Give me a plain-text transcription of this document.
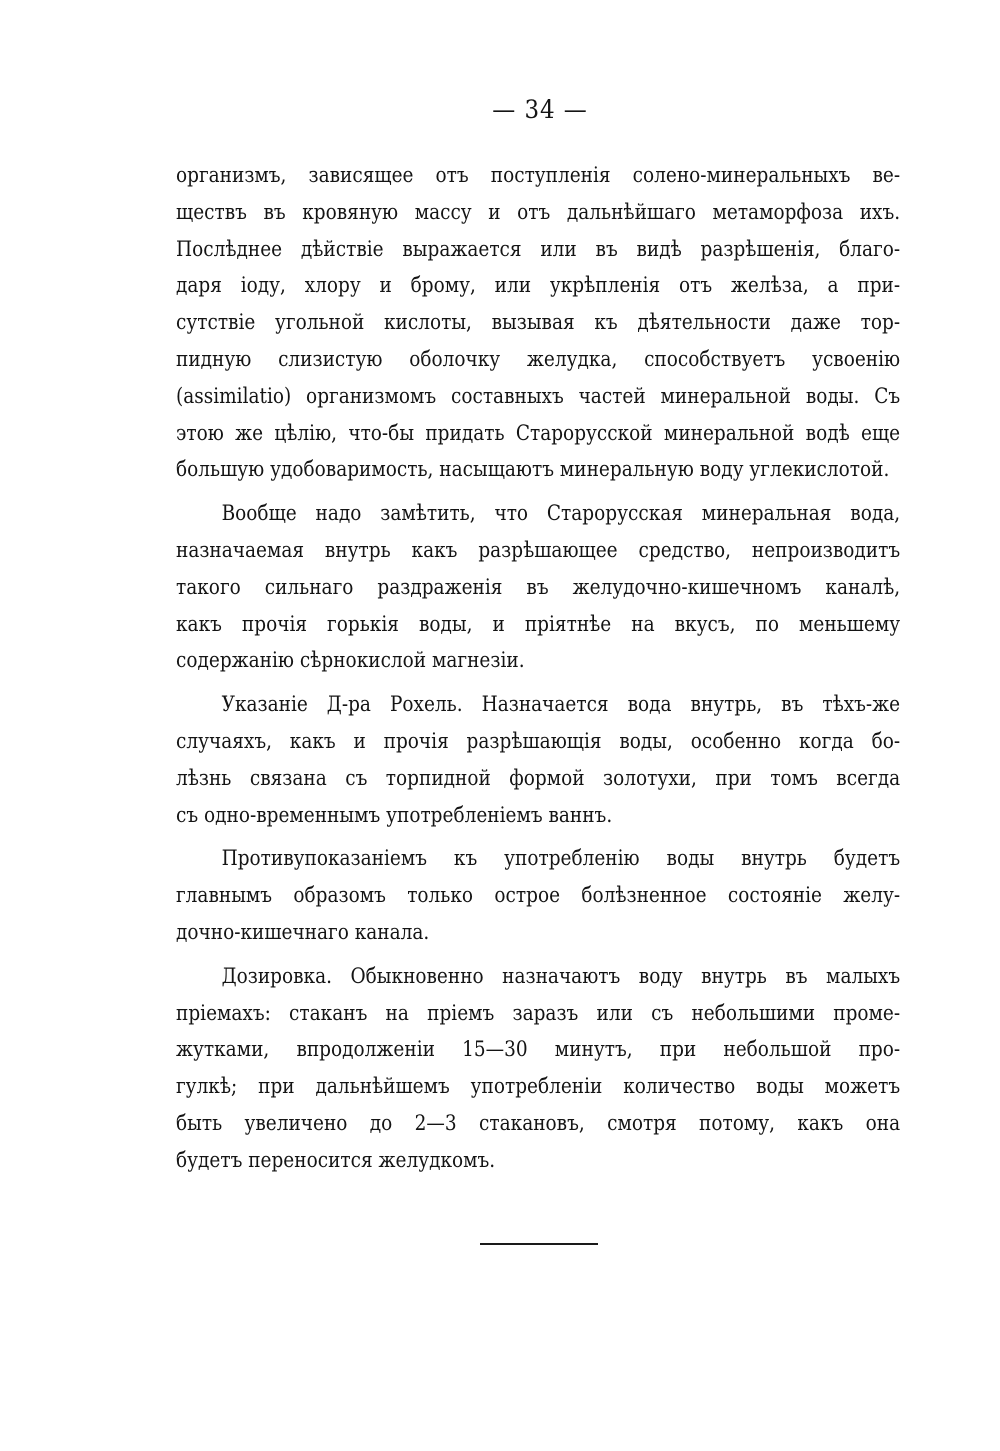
— 34 —
организмъ, зависящее отъ поступленія солено-минеральныхъ ве-
ществъ въ кровяную массу и отъ дальнѣйшаго метаморфоза ихъ.
Послѣднее дѣйствіе выражается или въ видѣ разрѣшенія, благо-
даря іоду, хлору и брому, или укрѣпленія отъ желѣза, а при-
сутствіе угольной кислоты, вызывая къ дѣятельности даже тор-
пидную слизистую оболочку желудка, способствуетъ усвоенію
(assimilatio) организмомъ составныхъ частей минеральной воды. Съ
этою же цѣлію, что-бы придать Старорусской минеральной водѣ еще
большую удобоваримость, насыщаютъ минеральную воду углекислотой.
Вообще надо замѣтить, что Старорусская минеральная вода,
назначаемая внутрь какъ разрѣшающее средство, непроизводитъ
такого сильнаго раздраженія въ желудочно-кишечномъ каналѣ,
какъ прочія горькія воды, и пріятнѣе на вкусъ, по меньшему
содержанію сѣрнокислой магнезіи.
Указаніе Д-ра Рохель. Назначается вода внутрь, въ тѣхъ-же
случаяхъ, какъ и прочія разрѣшающія воды, особенно когда бо-
лѣзнь связана съ торпидной формой золотухи, при томъ всегда
съ одно-временнымъ употребленіемъ ваннъ.
Противупоказаніемъ къ употребленію воды внутрь будетъ
главнымъ образомъ только острое болѣзненное состояніе желу-
дочно-кишечнаго канала.
Дозировка. Обыкновенно назначаютъ воду внутрь въ малыхъ
пріемахъ: стаканъ на пріемъ заразъ или съ небольшими проме-
жутками, впродолженіи 15—30 минутъ, при небольшой про-
гулкѣ; при дальнѣйшемъ употребленіи количество воды можетъ
быть увеличено до 2—3 стакановъ, смотря потому, какъ она
будетъ переносится желудкомъ.
